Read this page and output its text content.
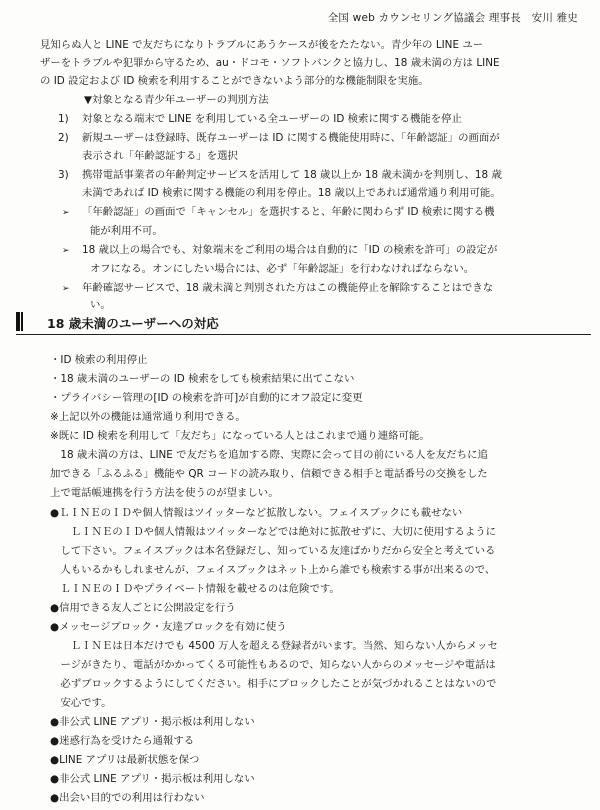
全国 web カウンセリング協議会 理事長　安川 雅史
見知らぬ人と LINE で友だちになりトラブルにあうケースが後をたたない。青少年の LINE ユー
ザーをトラブルや犯罪から守るため、au・ドコモ・ソフトバンクと協力し、18 歳未満の方は LINE
の ID 設定および ID 検索を利用することができないよう部分的な機能制限を実施。
▼対象となる青少年ユーザーの判別方法
1) 対象となる端末で LINE を利用している全ユーザーの ID 検索に関する機能を停止
2) 新規ユーザーは登録時、既存ユーザーは ID に関する機能使用時に、「年齢認証」の画面が
表示され「年齢認証する」を選択
3) 携帯電話事業者の年齢判定サービスを活用して 18 歳以上か 18 歳未満かを判別し、18 歳
未満であれば ID 検索に関する機能の利用を停止。18 歳以上であれば通常通り利用可能。
➢ 「年齢認証」の画面で「キャンセル」を選択すると、年齢に関わらず ID 検索に関する機
能が利用不可。
➢ 18 歳以上の場合でも、対象端末をご利用の場合は自動的に「ID の検索を許可」の設定が
オフになる。オンにしたい場合には、必ず「年齢認証」を行わなければならない。
➢ 年齢確認サービスで、18 歳未満と判別された方はこの機能停止を解除することはできな
い。
18 歳未満のユーザーへの対応
・ID 検索の利用停止
・18 歳未満のユーザーの ID 検索をしても検索結果に出てこない
・プライバシー管理の[ID の検索を許可]が自動的にオフ設定に変更
※上記以外の機能は通常通り利用できる。
※既に ID 検索を利用して「友だち」になっている人とはこれまで通り連絡可能。
　18 歳未満の方は、LINE で友だちを追加する際、実際に会って目の前にいる人を友だちに追
加できる「ふるふる」機能や QR コードの読み取り、信頼できる相手と電話番号の交換をした
上で電話帳連携を行う方法を使うのが望ましい。
●ＬＩＮＥのＩＤや個人情報はツイッターなど拡散しない。フェイスブックにも載せない
　　ＬＩＮＥのＩＤや個人情報はツイッターなどでは絶対に拡散せずに、大切に使用するように
　して下さい。フェイスブックは本名登録だし、知っている友達ばかりだから安全と考えている
　人もいるかもしれませんが、フェイスブックはネット上から誰でも検索する事が出来るので、
　ＬＩＮＥのＩＤやプライベート情報を載せるのは危険です。
●信用できる友人ごとに公開設定を行う
●メッセージブロック・友達ブロックを有効に使う
　　ＬＩＮＥは日本だけでも 4500 万人を超える登録者がいます。当然、知らない人からメッセ
　ージがきたり、電話がかかってくる可能性もあるので、知らない人からのメッセージや電話は
　必ずブロックするようにしてください。相手にブロックしたことが気づかれることはないので
　安心です。
●非公式 LINE アプリ・掲示板は利用しない
●迷惑行為を受けたら通報する
●LINE アプリは最新状態を保つ
●非公式 LINE アプリ・掲示板は利用しない
●出会い目的での利用は行わない
